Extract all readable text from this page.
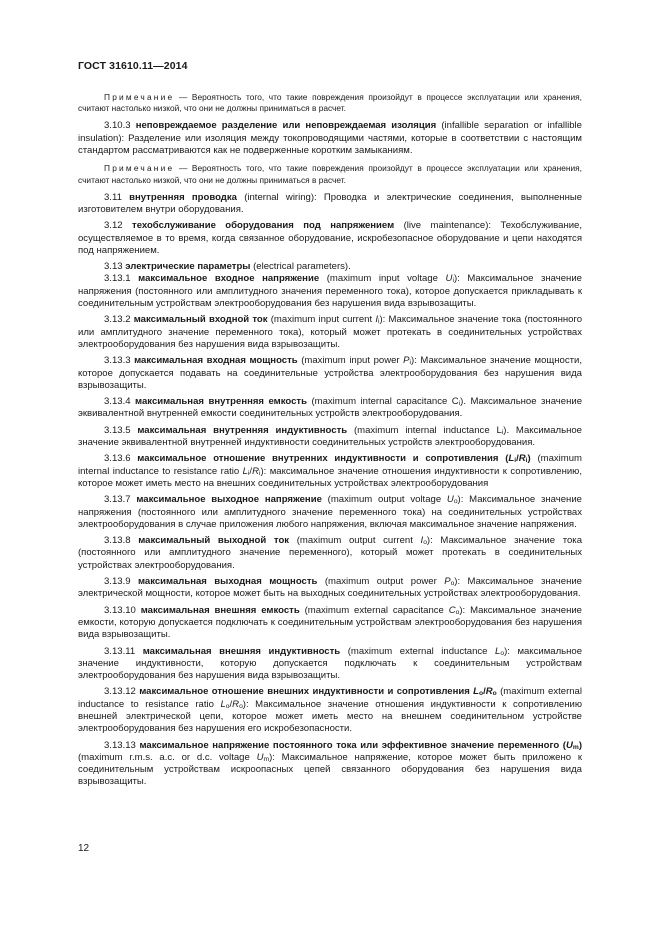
ГОСТ 31610.11—2014

Примечание — Вероятность того, что такие повреждения произойдут в процессе эксплуатации или хранения, считают настолько низкой, что они не должны приниматься в расчет.

3.10.3 неповреждаемое разделение или неповреждаемая изоляция (infallible separation or infallible insulation): Разделение или изоляция между токопроводящими частями, которые в соответствии с настоящим стандартом рассматриваются как не подверженные коротким замыканиям.

Примечание — Вероятность того, что такие повреждения произойдут в процессе эксплуатации или хранения, считают настолько низкой, что они не должны приниматься в расчет.

3.11 внутренняя проводка (internal wiring): Проводка и электрические соединения, выполненные изготовителем внутри оборудования.

3.12 техобслуживание оборудования под напряжением (live maintenance): Техобслуживание, осуществляемое в то время, когда связанное оборудование, искробезопасное оборудование и цепи находятся под напряжением.

3.13 электрические параметры (electrical parameters).

3.13.1 максимальное входное напряжение (maximum input voltage $U_i$): Максимальное значение напряжения (постоянного или амплитудного значения переменного тока), которое допускается прикладывать к соединительным устройствам электрооборудования без нарушения вида взрывозащиты.

3.13.2 максимальный входной ток (maximum input current $I_i$): Максимальное значение тока (постоянного или амплитудного значение переменного тока), который может протекать в соединительных устройствах электрооборудования без нарушения вида взрывозащиты.

3.13.3 максимальная входная мощность (maximum input power $P_i$): Максимальное значение мощности, которое допускается подавать на соединительные устройства электрооборудования без нарушения вида взрывозащиты.

3.13.4 максимальная внутренняя емкость (maximum internal capacitance $C_i$). Максимальное значение эквивалентной внутренней емкости соединительных устройств электрооборудования.

3.13.5 максимальная внутренняя индуктивность (maximum internal inductance $L_i$). Максимальное значение эквивалентной внутренней индуктивности соединительных устройств электрооборудования.

3.13.6 максимальное отношение внутренних индуктивности и сопротивления $(L_i/R_i)$ (maximum internal inductance to resistance ratio $L_i/R_i$): максимальное значение отношения индуктивности к сопротивлению, которое может иметь место на внешних соединительных устройствах электрооборудования

3.13.7 максимальное выходное напряжение (maximum output voltage $U_o$): Максимальное значение напряжения (постоянного или амплитудного значение переменного тока) на соединительных устройствах электрооборудования в случае приложения любого напряжения, включая максимальное значение напряжения.

3.13.8 максимальный выходной ток (maximum output current $I_o$): Максимальное значение тока (постоянного или амплитудного значение переменного), который может протекать в соединительных устройствах электрооборудования.

3.13.9 максимальная выходная мощность (maximum output power $P_o$): Максимальное значение электрической мощности, которое может быть на выходных соединительных устройствах электрооборудования.

3.13.10 максимальная внешняя емкость (maximum external capacitance $C_o$): Максимальное значение емкости, которую допускается подключать к соединительным устройствам электрооборудования без нарушения вида взрывозащиты.

3.13.11 максимальная внешняя индуктивность (maximum external inductance $L_o$): максимальное значение индуктивности, которую допускается подключать к соединительным устройствам электрооборудования без нарушения вида взрывозащиты.

3.13.12 максимальное отношение внешних индуктивности и сопротивления $L_o/R_o$ (maximum external inductance to resistance ratio $L_o/R_o$): Максимальное значение отношения индуктивности к сопротивлению внешней электрической цепи, которое может иметь место на внешнем соединительном устройстве электрооборудования без нарушения его искробезопасности.

3.13.13 максимальное напряжение постоянного тока или эффективное значение переменного $(U_m)$ (maximum r.m.s. a.c. or d.c. voltage $U_m$): Максимальное напряжение, которое может быть приложено к соединительным устройствам искроопасных цепей связанного оборудования без нарушения вида взрывозащиты.

12
